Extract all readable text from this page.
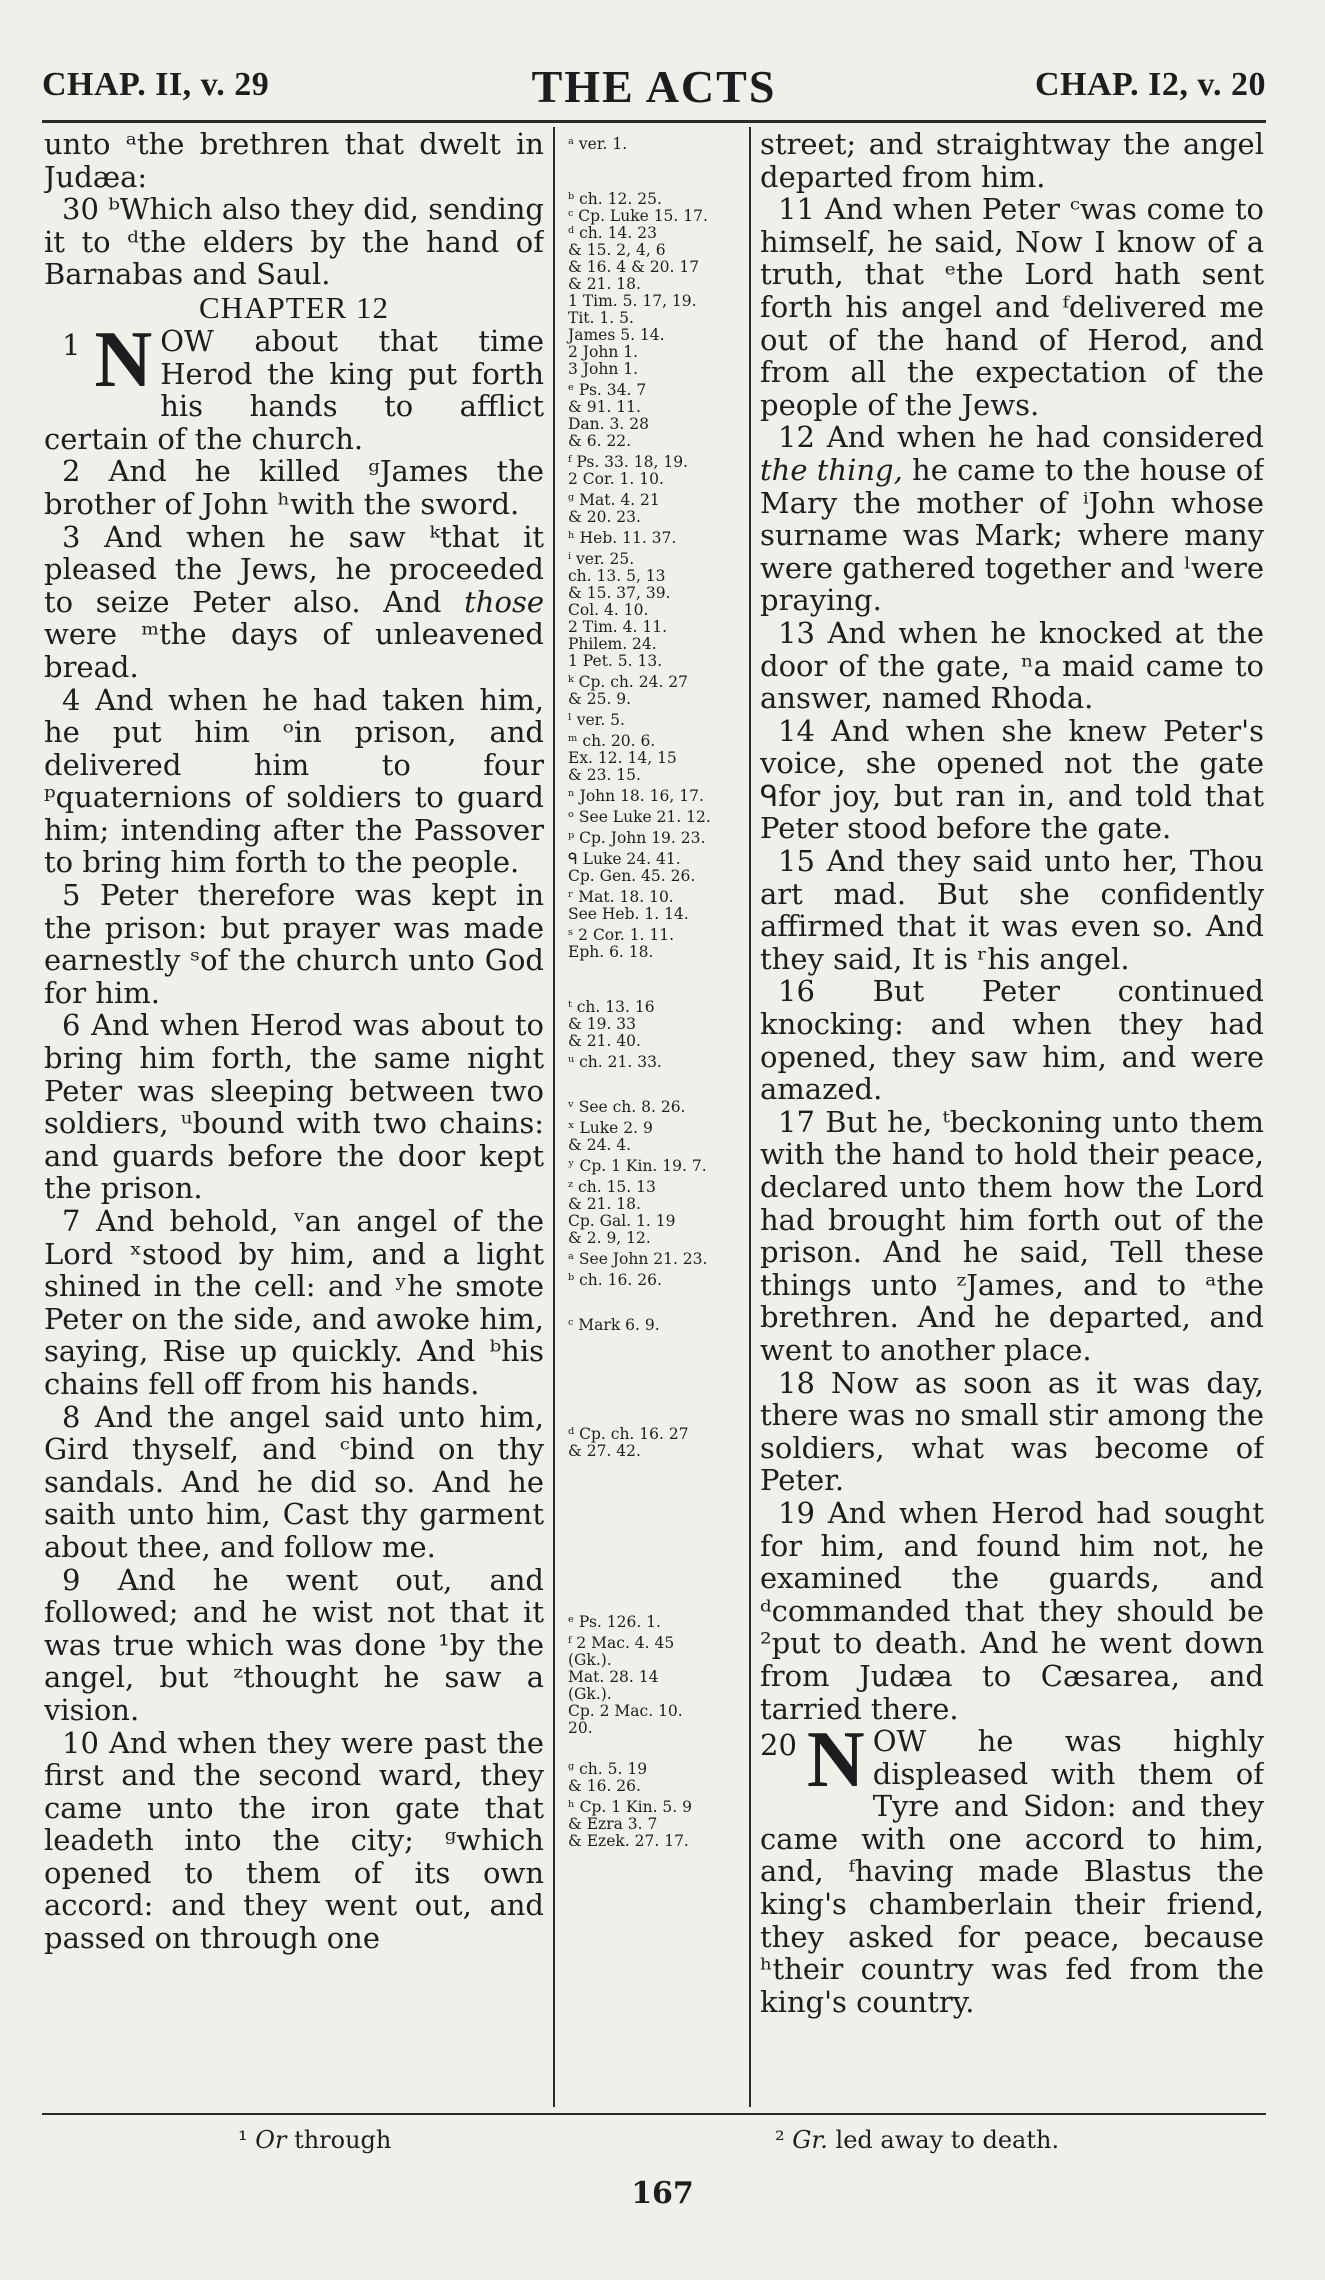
CHAP. II, v. 29	THE ACTS	CHAP. I2, v. 20

unto ᵃthe brethren that dwelt in Judæa:

30 ᵇWhich also they did, sending it to ᵈthe elders by the hand of Barnabas and Saul.

CHAPTER 12

1 N OW about that time Herod the king put forth his hands to afflict certain of the church.

2 And he killed ᵍJames the brother of John ʰwith the sword.

3 And when he saw ᵏthat it pleased the Jews, he proceeded to seize Peter also. And those were ᵐthe days of unleavened bread.

4 And when he had taken him, he put him ᵒin prison, and delivered him to four ᵖquaternions of soldiers to guard him; intending after the Passover to bring him forth to the people.

5 Peter therefore was kept in the prison: but prayer was made earnestly ˢof the church unto God for him.

6 And when Herod was about to bring him forth, the same night Peter was sleeping between two soldiers, ᵘbound with two chains: and guards before the door kept the prison.

7 And behold, ᵛan angel of the Lord ˣstood by him, and a light shined in the cell: and ʸhe smote Peter on the side, and awoke him, saying, Rise up quickly. And ᵇhis chains fell off from his hands.

8 And the angel said unto him, Gird thyself, and ᶜbind on thy sandals. And he did so. And he saith unto him, Cast thy garment about thee, and follow me.

9 And he went out, and followed; and he wist not that it was true which was done ¹by the angel, but ᶻthought he saw a vision.

10 And when they were past the first and the second ward, they came unto the iron gate that leadeth into the city; ᵍwhich opened to them of its own accord: and they went out, and passed on through one

ᵃ ver. 1.
ᵇ ch. 12. 25.
ᶜ Cp. Luke 15. 17.
ᵈ ch. 14. 23
& 15. 2, 4, 6
& 16. 4 & 20. 17
& 21. 18.
1 Tim. 5. 17, 19.
Tit. 1. 5.
James 5. 14.
2 John 1.
3 John 1.
ᵉ Ps. 34. 7
& 91. 11.
Dan. 3. 28
& 6. 22.
ᶠ Ps. 33. 18, 19.
2 Cor. 1. 10.
ᵍ Mat. 4. 21
& 20. 23.
ʰ Heb. 11. 37.
ⁱ ver. 25.
ch. 13. 5, 13
& 15. 37, 39.
Col. 4. 10.
2 Tim. 4. 11.
Philem. 24.
1 Pet. 5. 13.
ᵏ Cp. ch. 24. 27
& 25. 9.
ˡ ver. 5.
ᵐ ch. 20. 6.
Ex. 12. 14, 15
& 23. 15.
ⁿ John 18. 16, 17.
ᵒ See Luke 21. 12.
ᵖ Cp. John 19. 23.
ᑫ Luke 24. 41.
Cp. Gen. 45. 26.
ʳ Mat. 18. 10.
See Heb. 1. 14.
ˢ 2 Cor. 1. 11.
Eph. 6. 18.
ᵗ ch. 13. 16
& 19. 33
& 21. 40.
ᵘ ch. 21. 33.
ᵛ See ch. 8. 26.
ˣ Luke 2. 9
& 24. 4.
ʸ Cp. 1 Kin. 19. 7.
ᶻ ch. 15. 13
& 21. 18.
Cp. Gal. 1. 19
& 2. 9, 12.
ᵃ See John 21. 23.
ᵇ ch. 16. 26.
ᶜ Mark 6. 9.
ᵈ Cp. ch. 16. 27
& 27. 42.
ᵉ Ps. 126. 1.
ᶠ 2 Mac. 4. 45
(Gk.).
Mat. 28. 14
(Gk.).
Cp. 2 Mac. 10.
20.
ᵍ ch. 5. 19
& 16. 26.
ʰ Cp. 1 Kin. 5. 9
& Ezra 3. 7
& Ezek. 27. 17.

street; and straightway the angel departed from him.

11 And when Peter ᶜwas come to himself, he said, Now I know of a truth, that ᵉthe Lord hath sent forth his angel and ᶠdelivered me out of the hand of Herod, and from all the expectation of the people of the Jews.

12 And when he had considered the thing, he came to the house of Mary the mother of ⁱJohn whose surname was Mark; where many were gathered together and ˡwere praying.

13 And when he knocked at the door of the gate, ⁿa maid came to answer, named Rhoda.

14 And when she knew Peter's voice, she opened not the gate ᑫfor joy, but ran in, and told that Peter stood before the gate.

15 And they said unto her, Thou art mad. But she confidently affirmed that it was even so. And they said, It is ʳhis angel.

16 But Peter continued knocking: and when they had opened, they saw him, and were amazed.

17 But he, ᵗbeckoning unto them with the hand to hold their peace, declared unto them how the Lord had brought him forth out of the prison. And he said, Tell these things unto ᶻJames, and to ᵃthe brethren. And he departed, and went to another place.

18 Now as soon as it was day, there was no small stir among the soldiers, what was become of Peter.

19 And when Herod had sought for him, and found him not, he examined the guards, and ᵈcommanded that they should be ²put to death. And he went down from Judæa to Cæsarea, and tarried there.

20 N OW he was highly displeased with them of Tyre and Sidon: and they came with one accord to him, and, ᶠhaving made Blastus the king's chamberlain their friend, they asked for peace, because ʰtheir country was fed from the king's country.

¹ Or through	² Gr. led away to death.
167
